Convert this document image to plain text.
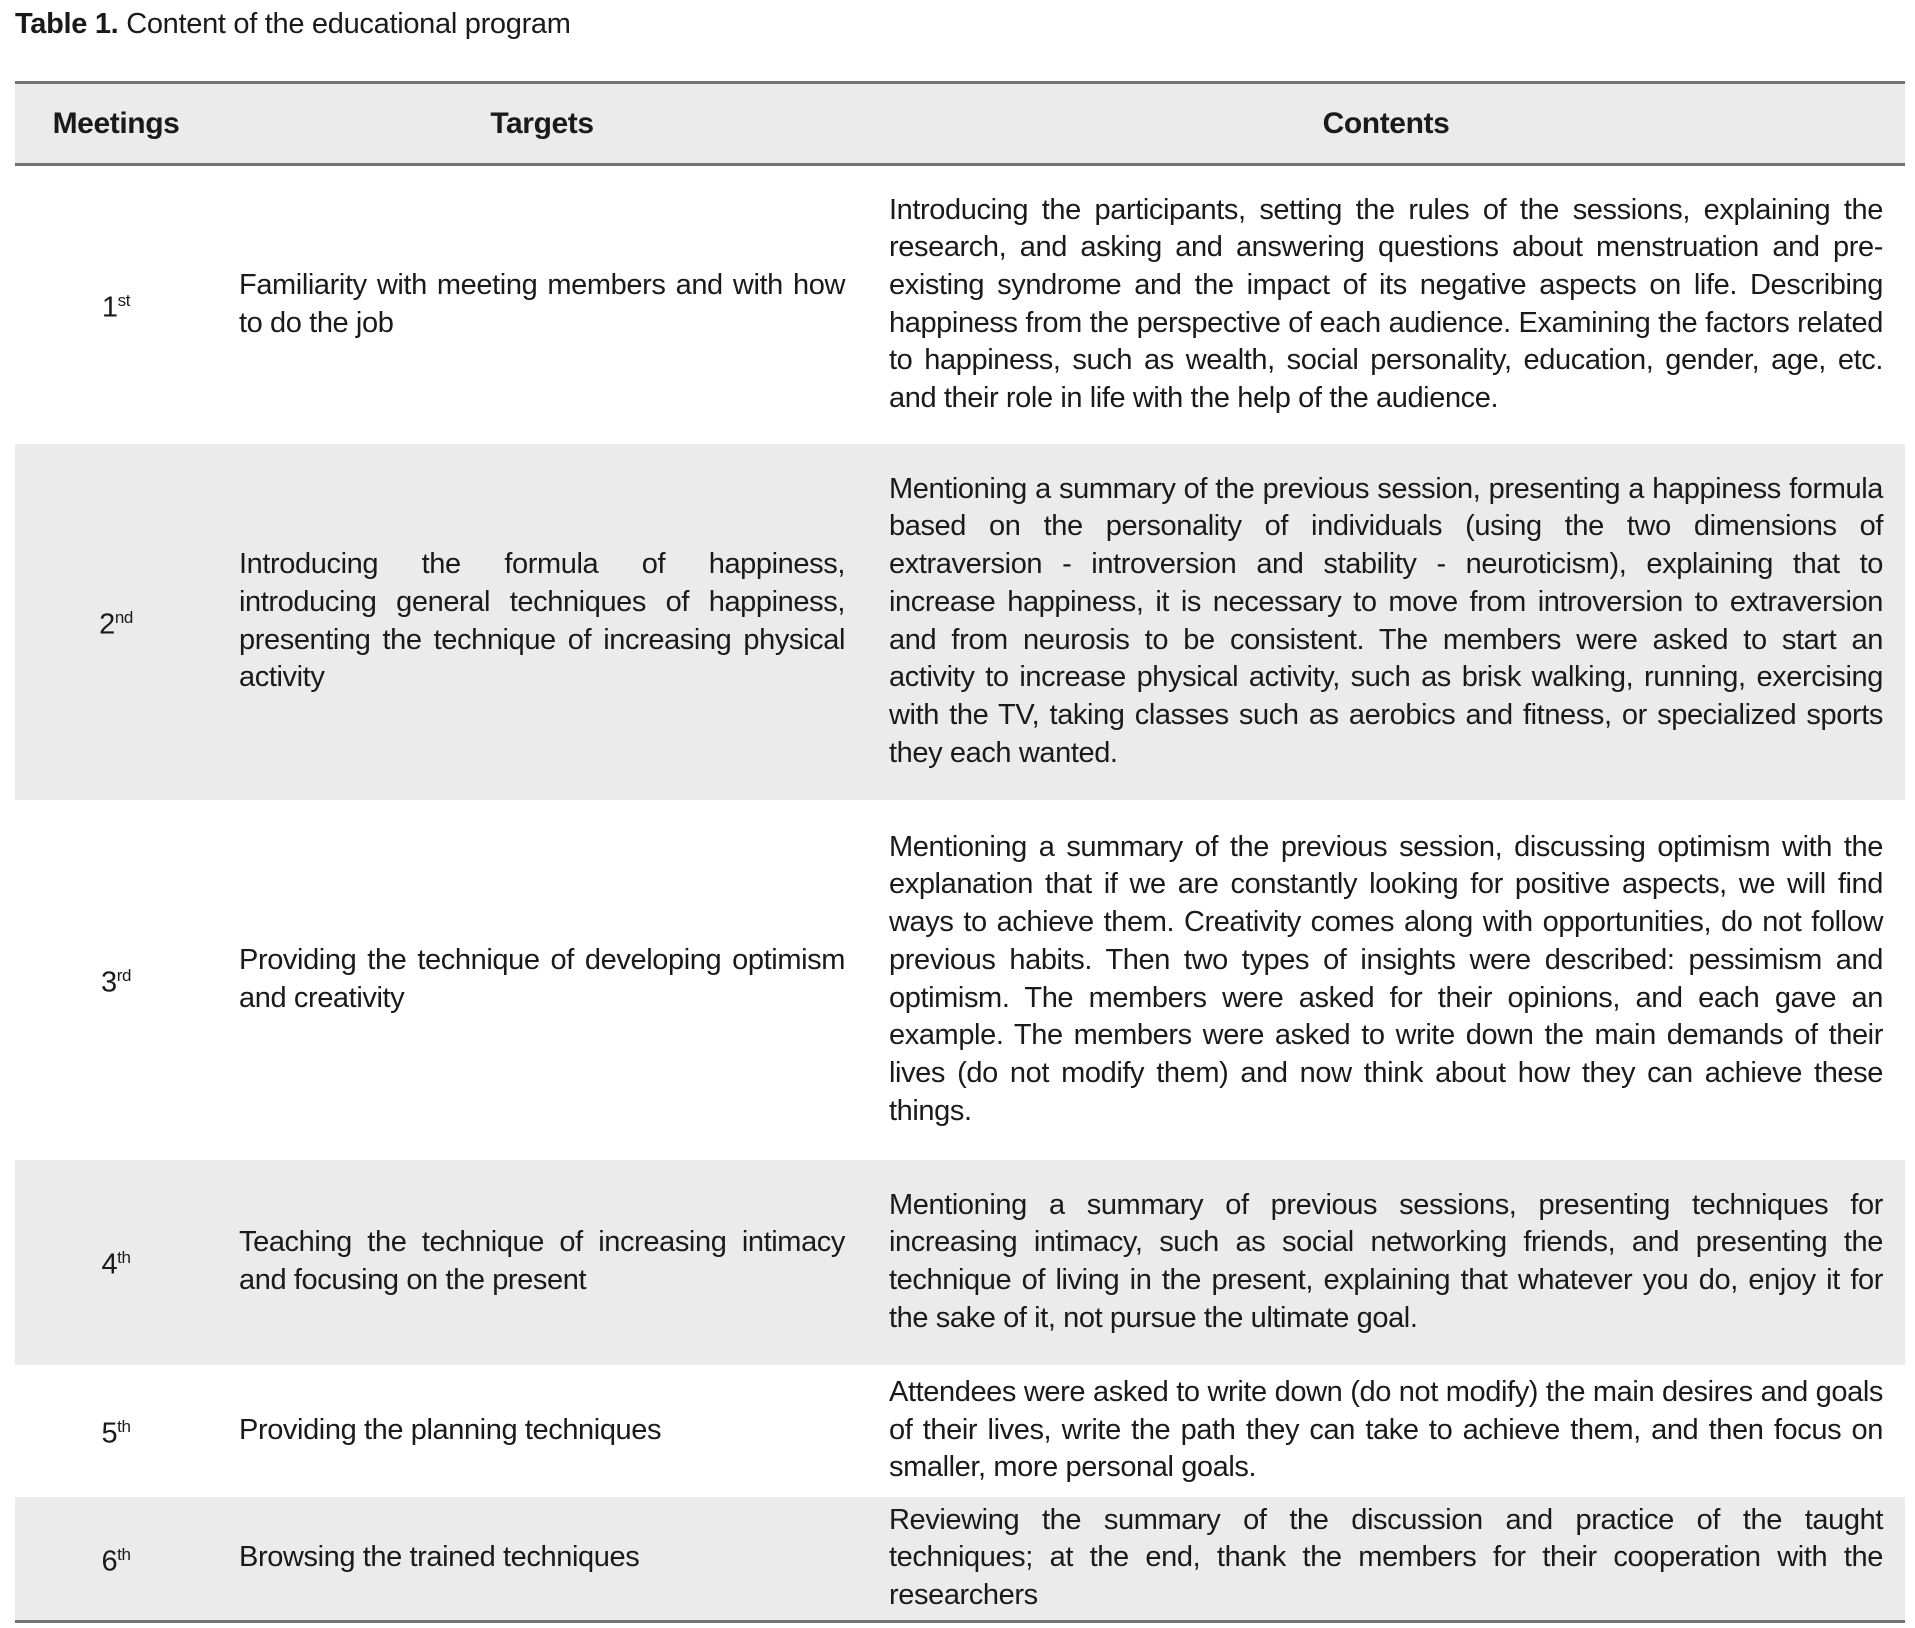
Table 1. Content of the educational program
Meetings	Targets	Contents
1st	Familiarity with meeting members and with how to do the job	Introducing the participants, setting the rules of the sessions, explaining the research, and asking and answering questions about menstruation and pre-existing syndrome and the impact of its negative aspects on life. Describing happiness from the perspective of each audience. Examining the factors related to happiness, such as wealth, social personality, education, gender, age, etc. and their role in life with the help of the audience.
2nd	Introducing the formula of happiness, introducing general techniques of happiness, presenting the technique of increasing physical activity	Mentioning a summary of the previous session, presenting a happiness formula based on the personality of individuals (using the two dimensions of extraversion - introversion and stability - neuroticism), explaining that to increase happiness, it is necessary to move from introversion to extraversion and from neurosis to be consistent. The members were asked to start an activity to increase physical activity, such as brisk walking, running, exercising with the TV, taking classes such as aerobics and fitness, or specialized sports they each wanted.
3rd	Providing the technique of developing optimism and creativity	Mentioning a summary of the previous session, discussing optimism with the explanation that if we are constantly looking for positive aspects, we will find ways to achieve them. Creativity comes along with opportunities, do not follow previous habits. Then two types of insights were described: pessimism and optimism. The members were asked for their opinions, and each gave an example. The members were asked to write down the main demands of their lives (do not modify them) and now think about how they can achieve these things.
4th	Teaching the technique of increasing intimacy and focusing on the present	Mentioning a summary of previous sessions, presenting techniques for increasing intimacy, such as social networking friends, and presenting the technique of living in the present, explaining that whatever you do, enjoy it for the sake of it, not pursue the ultimate goal.
5th	Providing the planning techniques	Attendees were asked to write down (do not modify) the main desires and goals of their lives, write the path they can take to achieve them, and then focus on smaller, more personal goals.
6th	Browsing the trained techniques	Reviewing the summary of the discussion and practice of the taught techniques; at the end, thank the members for their cooperation with the researchers
